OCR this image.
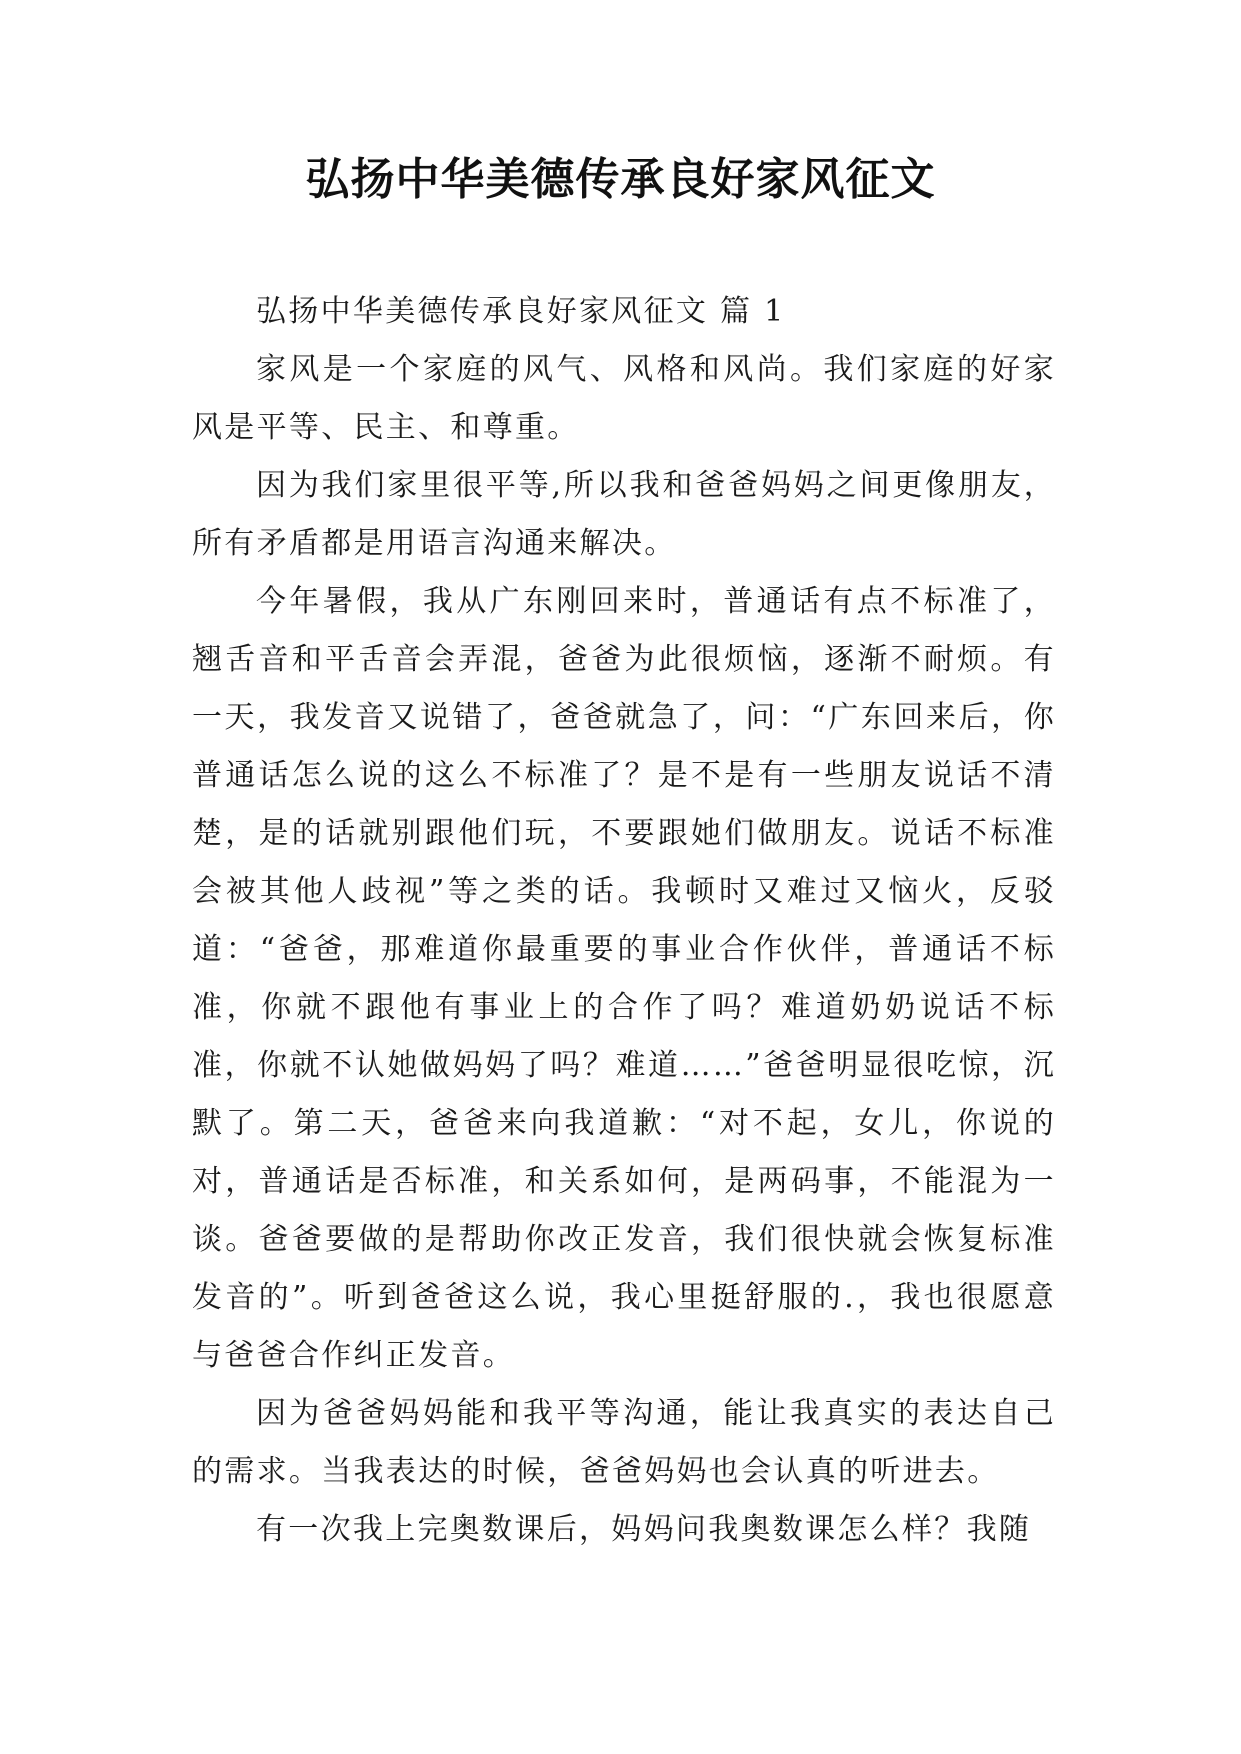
弘扬中华美德传承良好家风征文

弘扬中华美德传承良好家风征文 篇 1

家风是一个家庭的风气、风格和风尚。我们家庭的好家风是平等、民主、和尊重。

因为我们家里很平等,所以我和爸爸妈妈之间更像朋友，所有矛盾都是用语言沟通来解决。

今年暑假，我从广东刚回来时，普通话有点不标准了，翘舌音和平舌音会弄混，爸爸为此很烦恼，逐渐不耐烦。有一天，我发音又说错了，爸爸就急了，问：“广东回来后，你普通话怎么说的这么不标准了？是不是有一些朋友说话不清楚，是的话就别跟他们玩，不要跟她们做朋友。说话不标准会被其他人歧视”等之类的话。我顿时又难过又恼火，反驳道：“爸爸，那难道你最重要的事业合作伙伴，普通话不标准，你就不跟他有事业上的合作了吗？难道奶奶说话不标准，你就不认她做妈妈了吗？难道……”爸爸明显很吃惊，沉默了。第二天，爸爸来向我道歉：“对不起，女儿，你说的对，普通话是否标准，和关系如何，是两码事，不能混为一谈。爸爸要做的是帮助你改正发音，我们很快就会恢复标准发音的”。听到爸爸这么说，我心里挺舒服的.，我也很愿意与爸爸合作纠正发音。

因为爸爸妈妈能和我平等沟通，能让我真实的表达自己的需求。当我表达的时候，爸爸妈妈也会认真的听进去。

有一次我上完奥数课后，妈妈问我奥数课怎么样？我随
